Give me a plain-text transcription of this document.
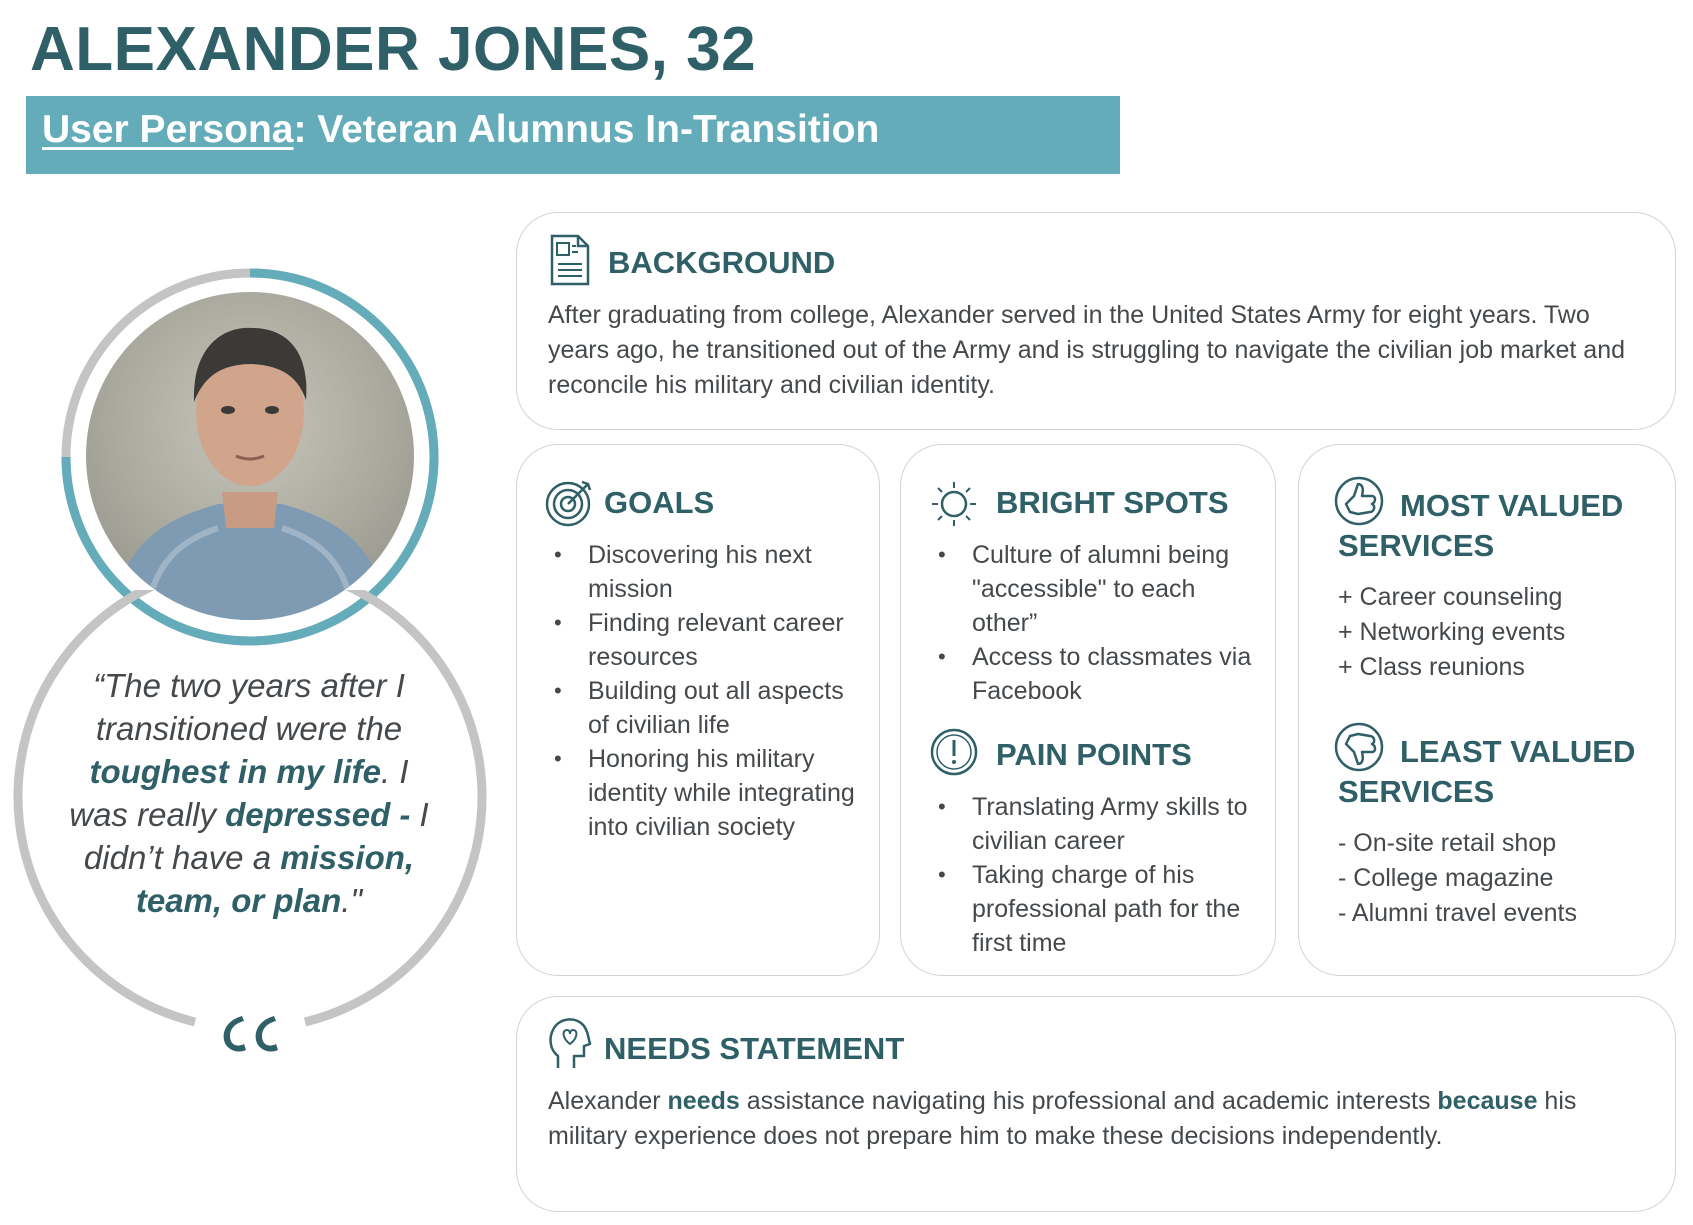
ALEXANDER JONES, 32
User Persona: Veteran Alumnus In-Transition
“The two years after I transitioned were the toughest in my life. I was really depressed - I didn’t have a mission, team, or plan."
BACKGROUND
After graduating from college, Alexander served in the United States Army for eight years. Two years ago, he transitioned out of the Army and is struggling to navigate the civilian job market and reconcile his military and civilian identity.
GOALS
• Discovering his next mission
• Finding relevant career resources
• Building out all aspects of civilian life
• Honoring his military identity while integrating into civilian society
BRIGHT SPOTS
• Culture of alumni being "accessible" to each other”
• Access to classmates via Facebook
PAIN POINTS
• Translating Army skills to civilian career
• Taking charge of his professional path for the first time
MOST VALUED
SERVICES
+ Career counseling
+ Networking events
+ Class reunions
LEAST VALUED
SERVICES
- On-site retail shop
- College magazine
- Alumni travel events
NEEDS STATEMENT
Alexander needs assistance navigating his professional and academic interests because his military experience does not prepare him to make these decisions independently.
